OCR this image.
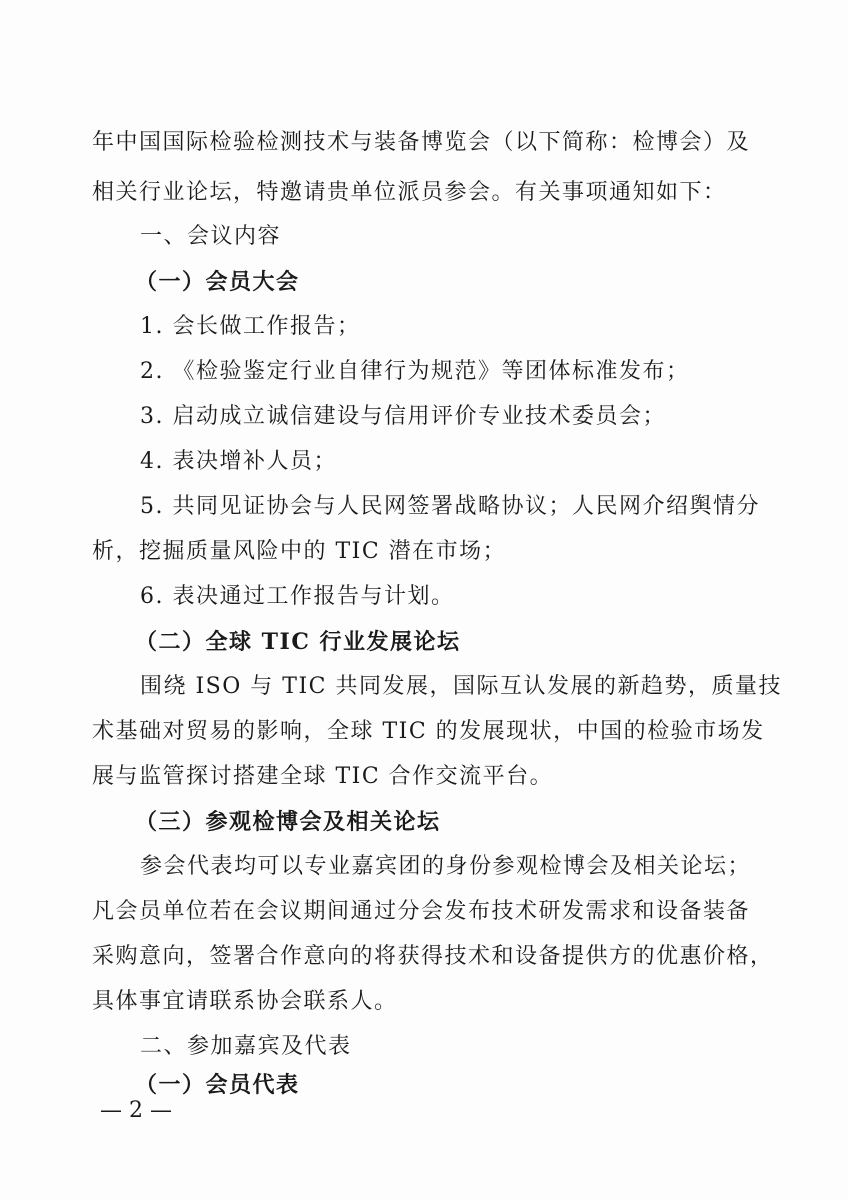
年中国国际检验检测技术与装备博览会（以下简称：检博会）及
相关行业论坛，特邀请贵单位派员参会。有关事项通知如下：
一、会议内容
（一）会员大会
1. 会长做工作报告；
2. 《检验鉴定行业自律行为规范》等团体标准发布；
3. 启动成立诚信建设与信用评价专业技术委员会；
4. 表决增补人员；
5. 共同见证协会与人民网签署战略协议；人民网介绍舆情分
析，挖掘质量风险中的 TIC 潜在市场；
6. 表决通过工作报告与计划。
（二）全球 TIC 行业发展论坛
围绕 ISO 与 TIC 共同发展，国际互认发展的新趋势，质量技
术基础对贸易的影响，全球 TIC 的发展现状，中国的检验市场发
展与监管探讨搭建全球 TIC 合作交流平台。
（三）参观检博会及相关论坛
参会代表均可以专业嘉宾团的身份参观检博会及相关论坛；
凡会员单位若在会议期间通过分会发布技术研发需求和设备装备
采购意向，签署合作意向的将获得技术和设备提供方的优惠价格，
具体事宜请联系协会联系人。
二、参加嘉宾及代表
（一）会员代表
— 2 —
